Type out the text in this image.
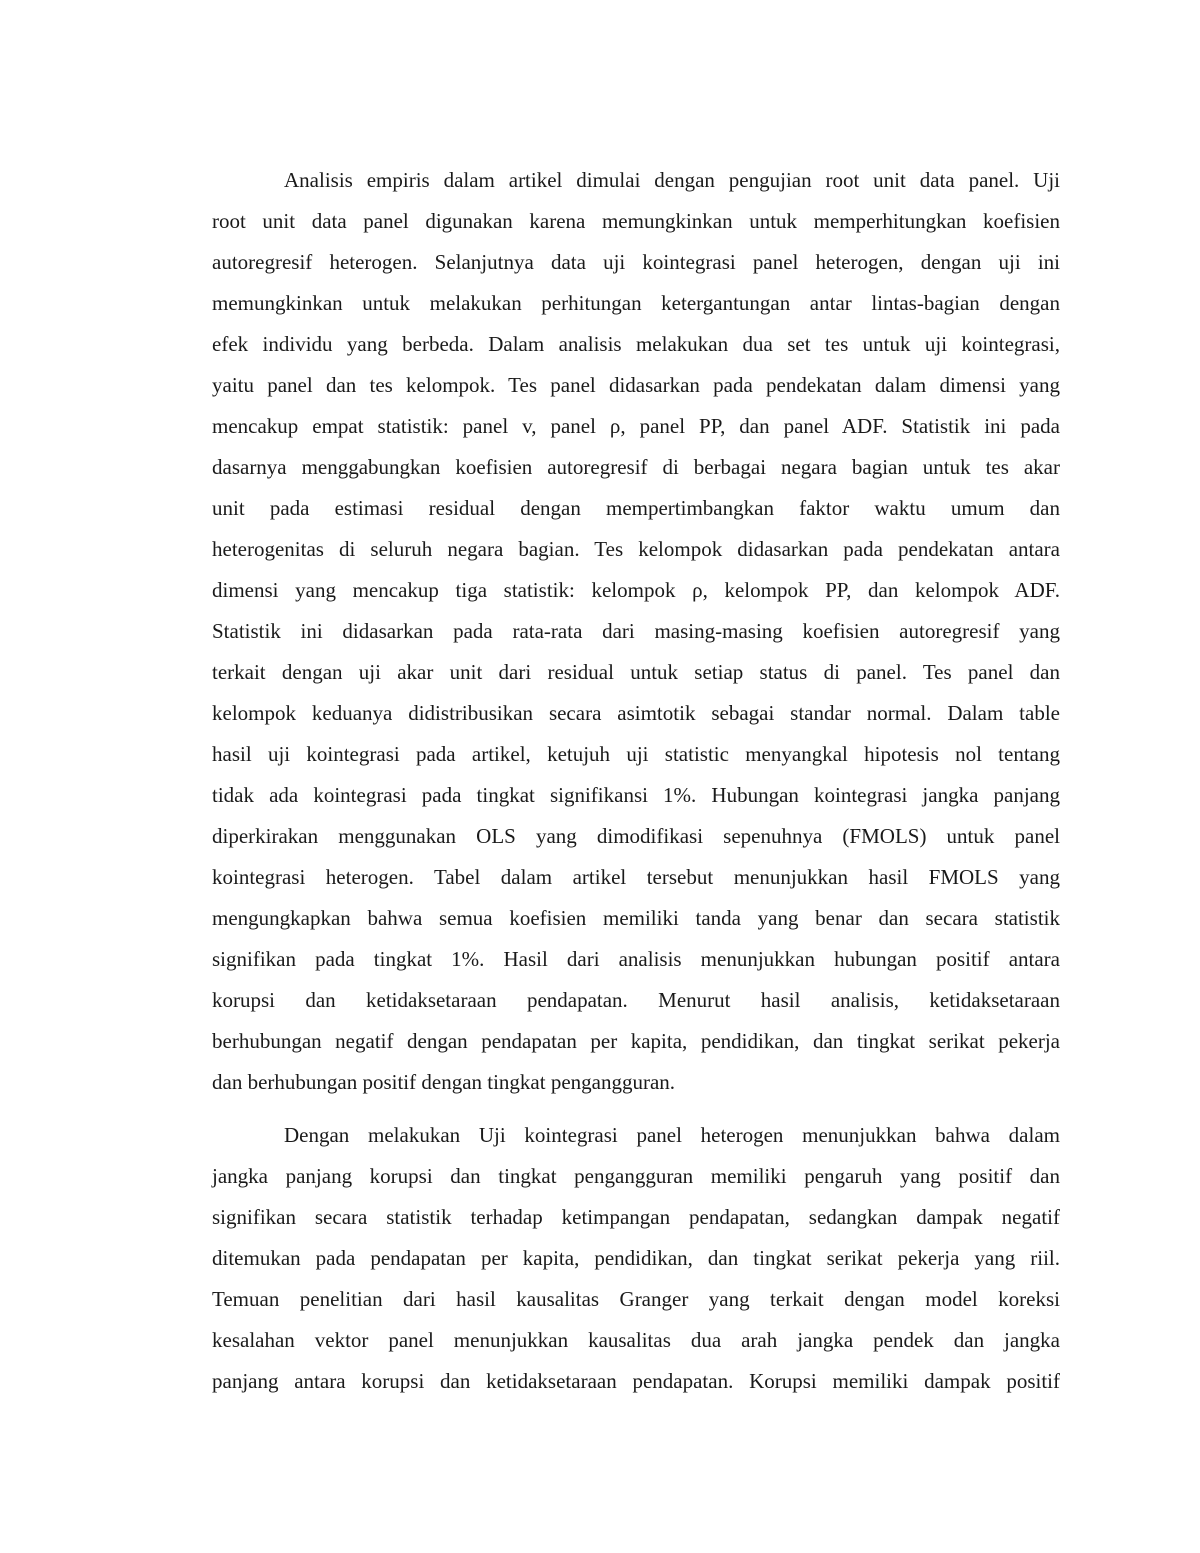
Analisis empiris dalam artikel dimulai dengan pengujian root unit data panel. Uji
root unit data panel digunakan karena memungkinkan untuk memperhitungkan koefisien
autoregresif heterogen. Selanjutnya data uji kointegrasi panel heterogen, dengan uji ini
memungkinkan untuk melakukan perhitungan ketergantungan antar lintas-bagian dengan
efek individu yang berbeda. Dalam analisis melakukan dua set tes untuk uji kointegrasi,
yaitu panel dan tes kelompok. Tes panel didasarkan pada pendekatan dalam dimensi yang
mencakup empat statistik: panel v, panel ρ, panel PP, dan panel ADF. Statistik ini pada
dasarnya menggabungkan koefisien autoregresif di berbagai negara bagian untuk tes akar
unit pada estimasi residual dengan mempertimbangkan faktor waktu umum dan
heterogenitas di seluruh negara bagian. Tes kelompok didasarkan pada pendekatan antara
dimensi yang mencakup tiga statistik: kelompok ρ, kelompok PP, dan kelompok ADF.
Statistik ini didasarkan pada rata-rata dari masing-masing koefisien autoregresif yang
terkait dengan uji akar unit dari residual untuk setiap status di panel. Tes panel dan
kelompok keduanya didistribusikan secara asimtotik sebagai standar normal. Dalam table
hasil uji kointegrasi pada artikel, ketujuh uji statistic menyangkal hipotesis nol tentang
tidak ada kointegrasi pada tingkat signifikansi 1%. Hubungan kointegrasi jangka panjang
diperkirakan menggunakan OLS yang dimodifikasi sepenuhnya (FMOLS) untuk panel
kointegrasi heterogen. Tabel dalam artikel tersebut menunjukkan hasil FMOLS yang
mengungkapkan bahwa semua koefisien memiliki tanda yang benar dan secara statistik
signifikan pada tingkat 1%. Hasil dari analisis menunjukkan hubungan positif antara
korupsi dan ketidaksetaraan pendapatan. Menurut hasil analisis, ketidaksetaraan
berhubungan negatif dengan pendapatan per kapita, pendidikan, dan tingkat serikat pekerja
dan berhubungan positif dengan tingkat pengangguran.
Dengan melakukan Uji kointegrasi panel heterogen menunjukkan bahwa dalam
jangka panjang korupsi dan tingkat pengangguran memiliki pengaruh yang positif dan
signifikan secara statistik terhadap ketimpangan pendapatan, sedangkan dampak negatif
ditemukan pada pendapatan per kapita, pendidikan, dan tingkat serikat pekerja yang riil.
Temuan penelitian dari hasil kausalitas Granger yang terkait dengan model koreksi
kesalahan vektor panel menunjukkan kausalitas dua arah jangka pendek dan jangka
panjang antara korupsi dan ketidaksetaraan pendapatan. Korupsi memiliki dampak positif
